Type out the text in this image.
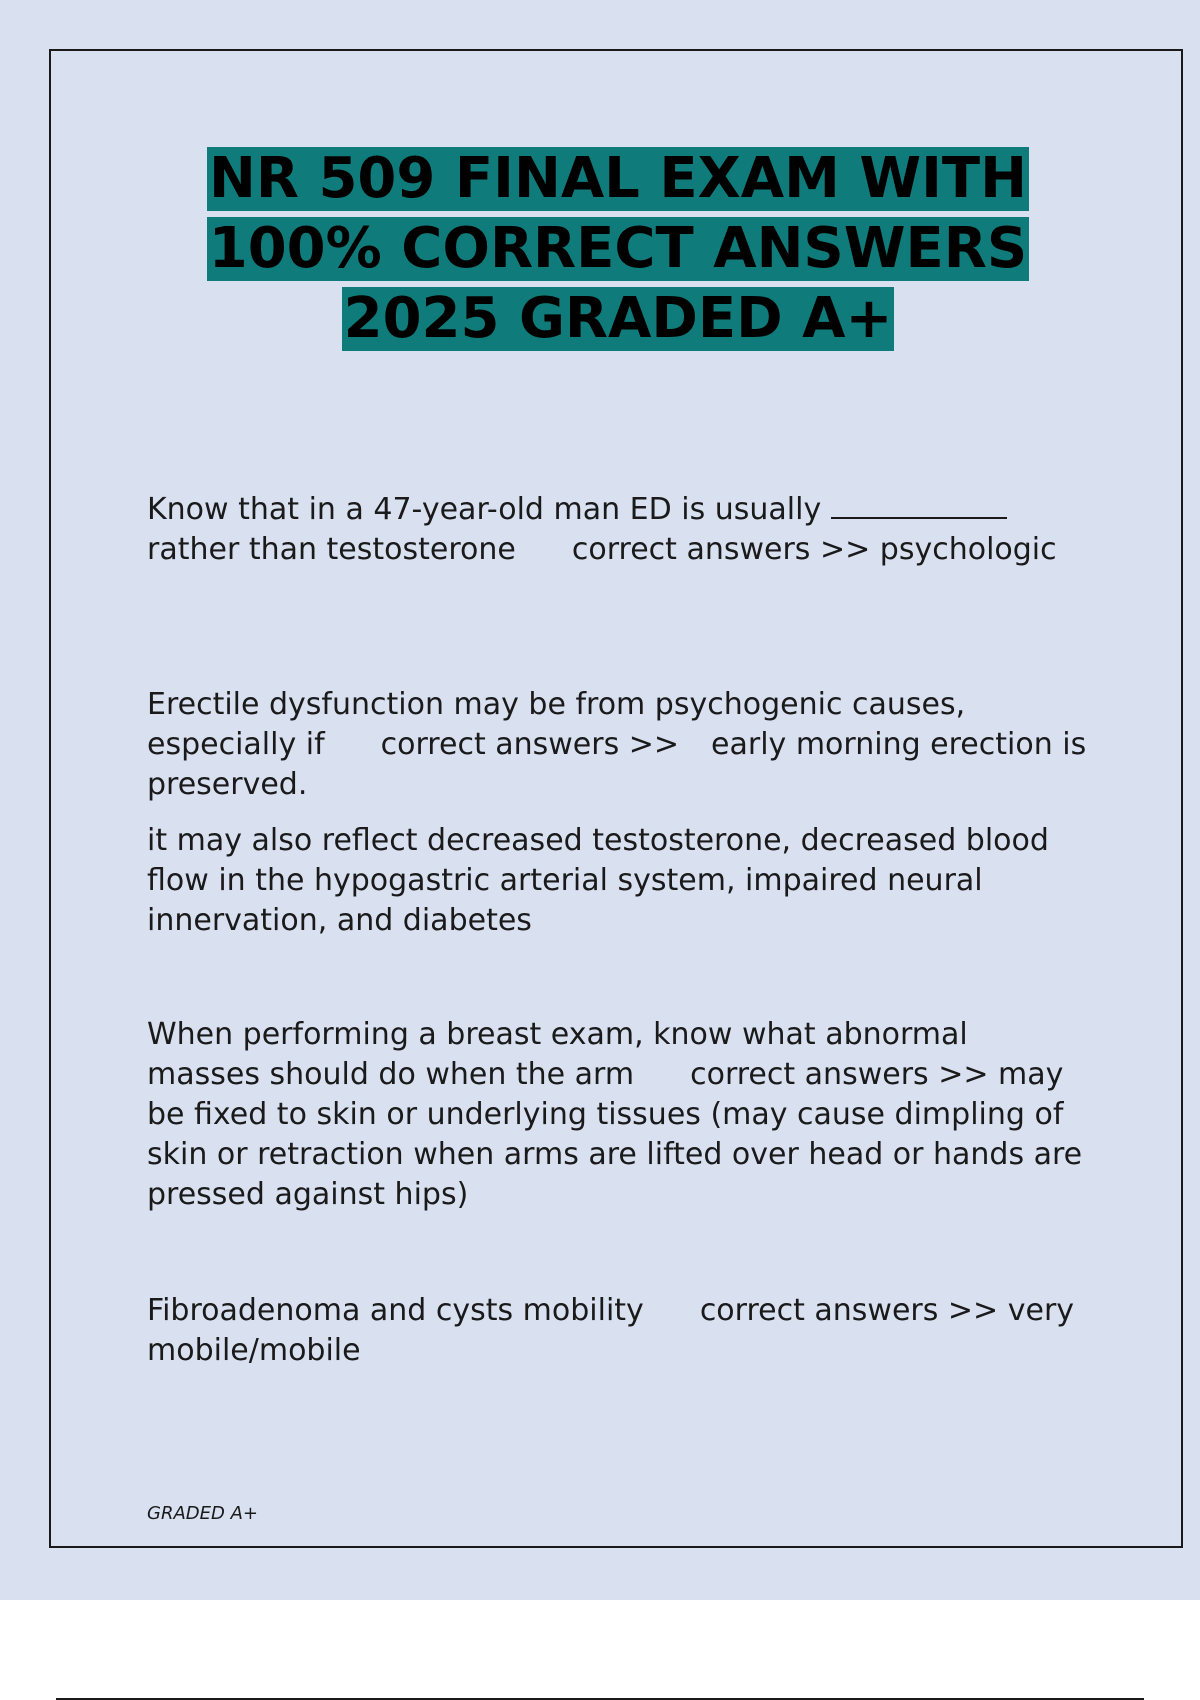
NR 509 FINAL EXAM WITH
100% CORRECT ANSWERS
2025 GRADED A+

Know that in a 47-year-old man ED is usually  rather than testosterone correct answers >> psychologic

Erectile dysfunction may be from psychogenic causes, especially if correct answers >> early morning erection is preserved.

it may also reflect decreased testosterone, decreased blood flow in the hypogastric arterial system, impaired neural innervation, and diabetes

When performing a breast exam, know what abnormal masses should do when the arm correct answers >> may be fixed to skin or underlying tissues (may cause dimpling of skin or retraction when arms are lifted over head or hands are pressed against hips)

Fibroadenoma and cysts mobility correct answers >> very mobile/mobile

GRADED A+
